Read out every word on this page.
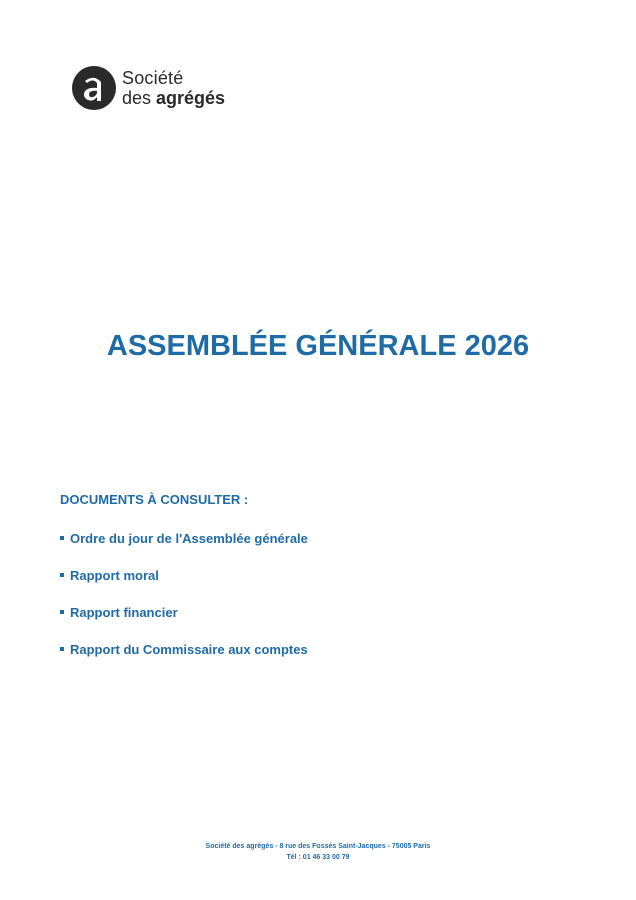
Société
des agrégés
ASSEMBLÉE GÉNÉRALE 2026
DOCUMENTS À CONSULTER :
Ordre du jour de l'Assemblée générale
Rapport moral
Rapport financier
Rapport du Commissaire aux comptes
Société des agrégés - 8 rue des Fossés Saint-Jacques - 75005 Paris
Tél : 01 46 33 00 79
